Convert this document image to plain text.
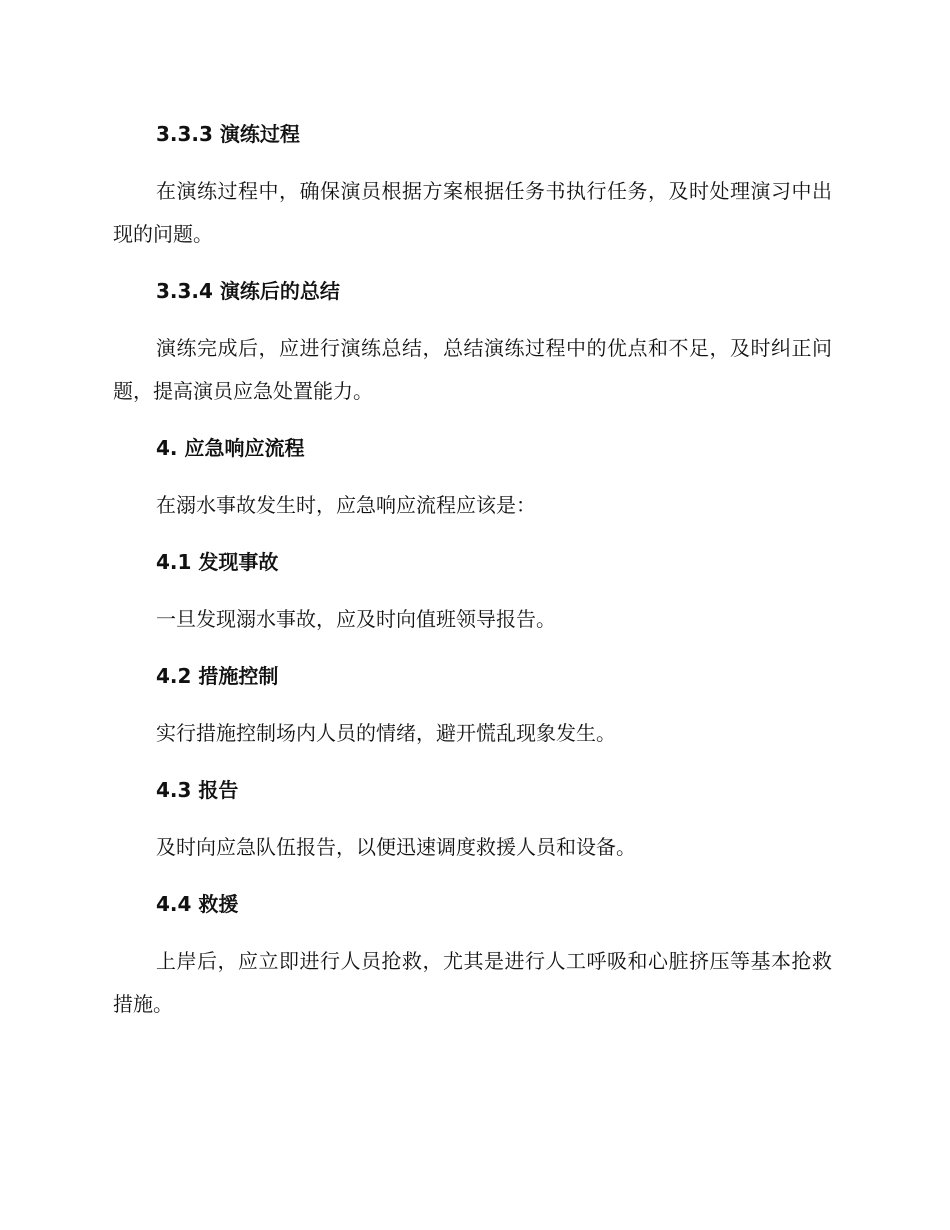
3.3.3 演练过程

在演练过程中，确保演员根据方案根据任务书执行任务，及时处理演习中出现的问题。

3.3.4 演练后的总结

演练完成后，应进行演练总结，总结演练过程中的优点和不足，及时纠正问题，提高演员应急处置能力。

4. 应急响应流程

在溺水事故发生时，应急响应流程应该是：

4.1 发现事故

一旦发现溺水事故，应及时向值班领导报告。

4.2 措施控制

实行措施控制场内人员的情绪，避开慌乱现象发生。

4.3 报告

及时向应急队伍报告，以便迅速调度救援人员和设备。

4.4 救援

上岸后，应立即进行人员抢救，尤其是进行人工呼吸和心脏挤压等基本抢救措施。
